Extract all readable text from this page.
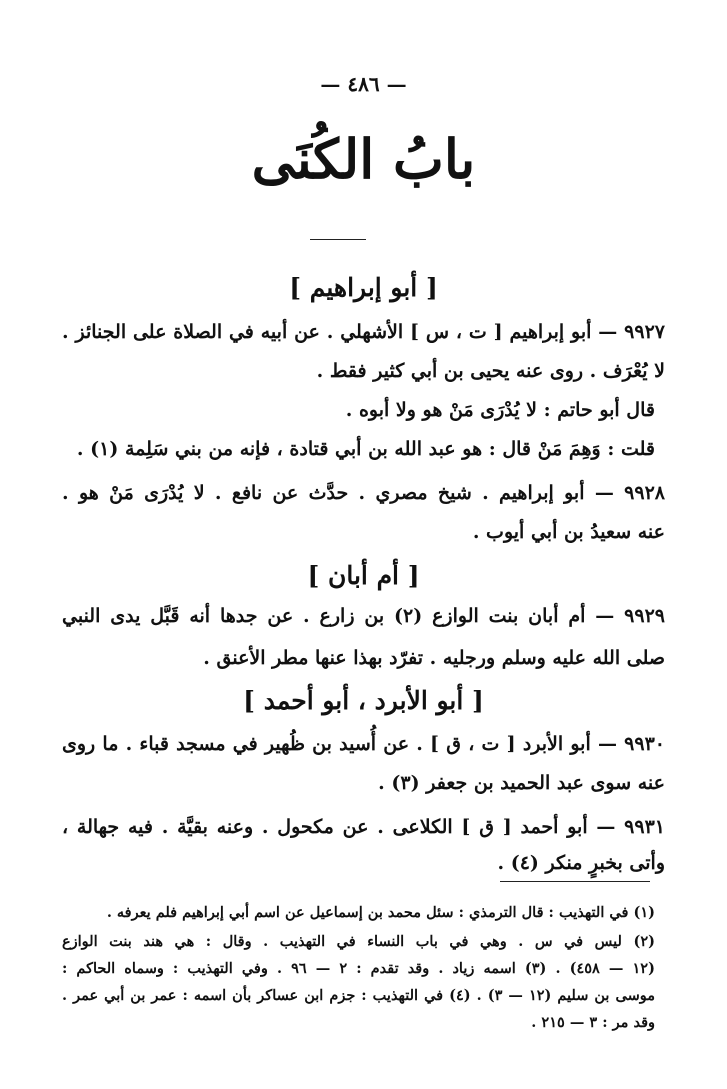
— ٤٨٦ —
بابُ الكُنَى
[ أبو إبراهيم ]
٩٩٢٧ — أبو إبراهيم [ ت ، س ] الأشهلي . عن أبيه في الصلاة على الجنائز .
لا يُعْرَف . روى عنه يحيى بن أبي كثير فقط .
قال أبو حاتم : لا يُدْرَى مَنْ هو ولا أبوه .
قلت : وَهِمَ مَنْ قال : هو عبد الله بن أبي قتادة ، فإنه من بني سَلِمة (١) .
٩٩٢٨ — أبو إبراهيم . شيخ مصري . حدَّث عن نافع . لا يُدْرَى مَنْ هو .
عنه سعيدُ بن أبي أيوب .
[ أم أبان ]
٩٩٢٩ — أم أبان بنت الوازع (٢) بن زارع . عن جدها أنه قَبَّل يدى النبي
صلى الله عليه وسلم ورجليه . تفرّد بهذا عنها مطر الأعنق .
[ أبو الأبرد ، أبو أحمد ]
٩٩٣٠ — أبو الأبرد [ ت ، ق ] . عن أُسيد بن ظُهير في مسجد قباء . ما روى
عنه سوى عبد الحميد بن جعفر (٣) .
٩٩٣١ — أبو أحمد [ ق ] الكلاعى . عن مكحول . وعنه بقيَّة . فيه جهالة ،
وأتى بخبرٍ منكر (٤) .
(١) في التهذيب : قال الترمذي : سئل محمد بن إسماعيل عن اسم أبي إبراهيم فلم يعرفه .
(٢) ليس في س . وهي في باب النساء في التهذيب . وقال : هي هند بنت الوازع
(١٢ — ٤٥٨) . (٣) اسمه زياد . وقد تقدم : ٢ — ٩٦ . وفي التهذيب : وسماه الحاكم :
موسى بن سليم (١٢ — ٣) . (٤) في التهذيب : جزم ابن عساكر بأن اسمه : عمر بن أبي عمر .
وقد مر : ٣ — ٢١٥ .
